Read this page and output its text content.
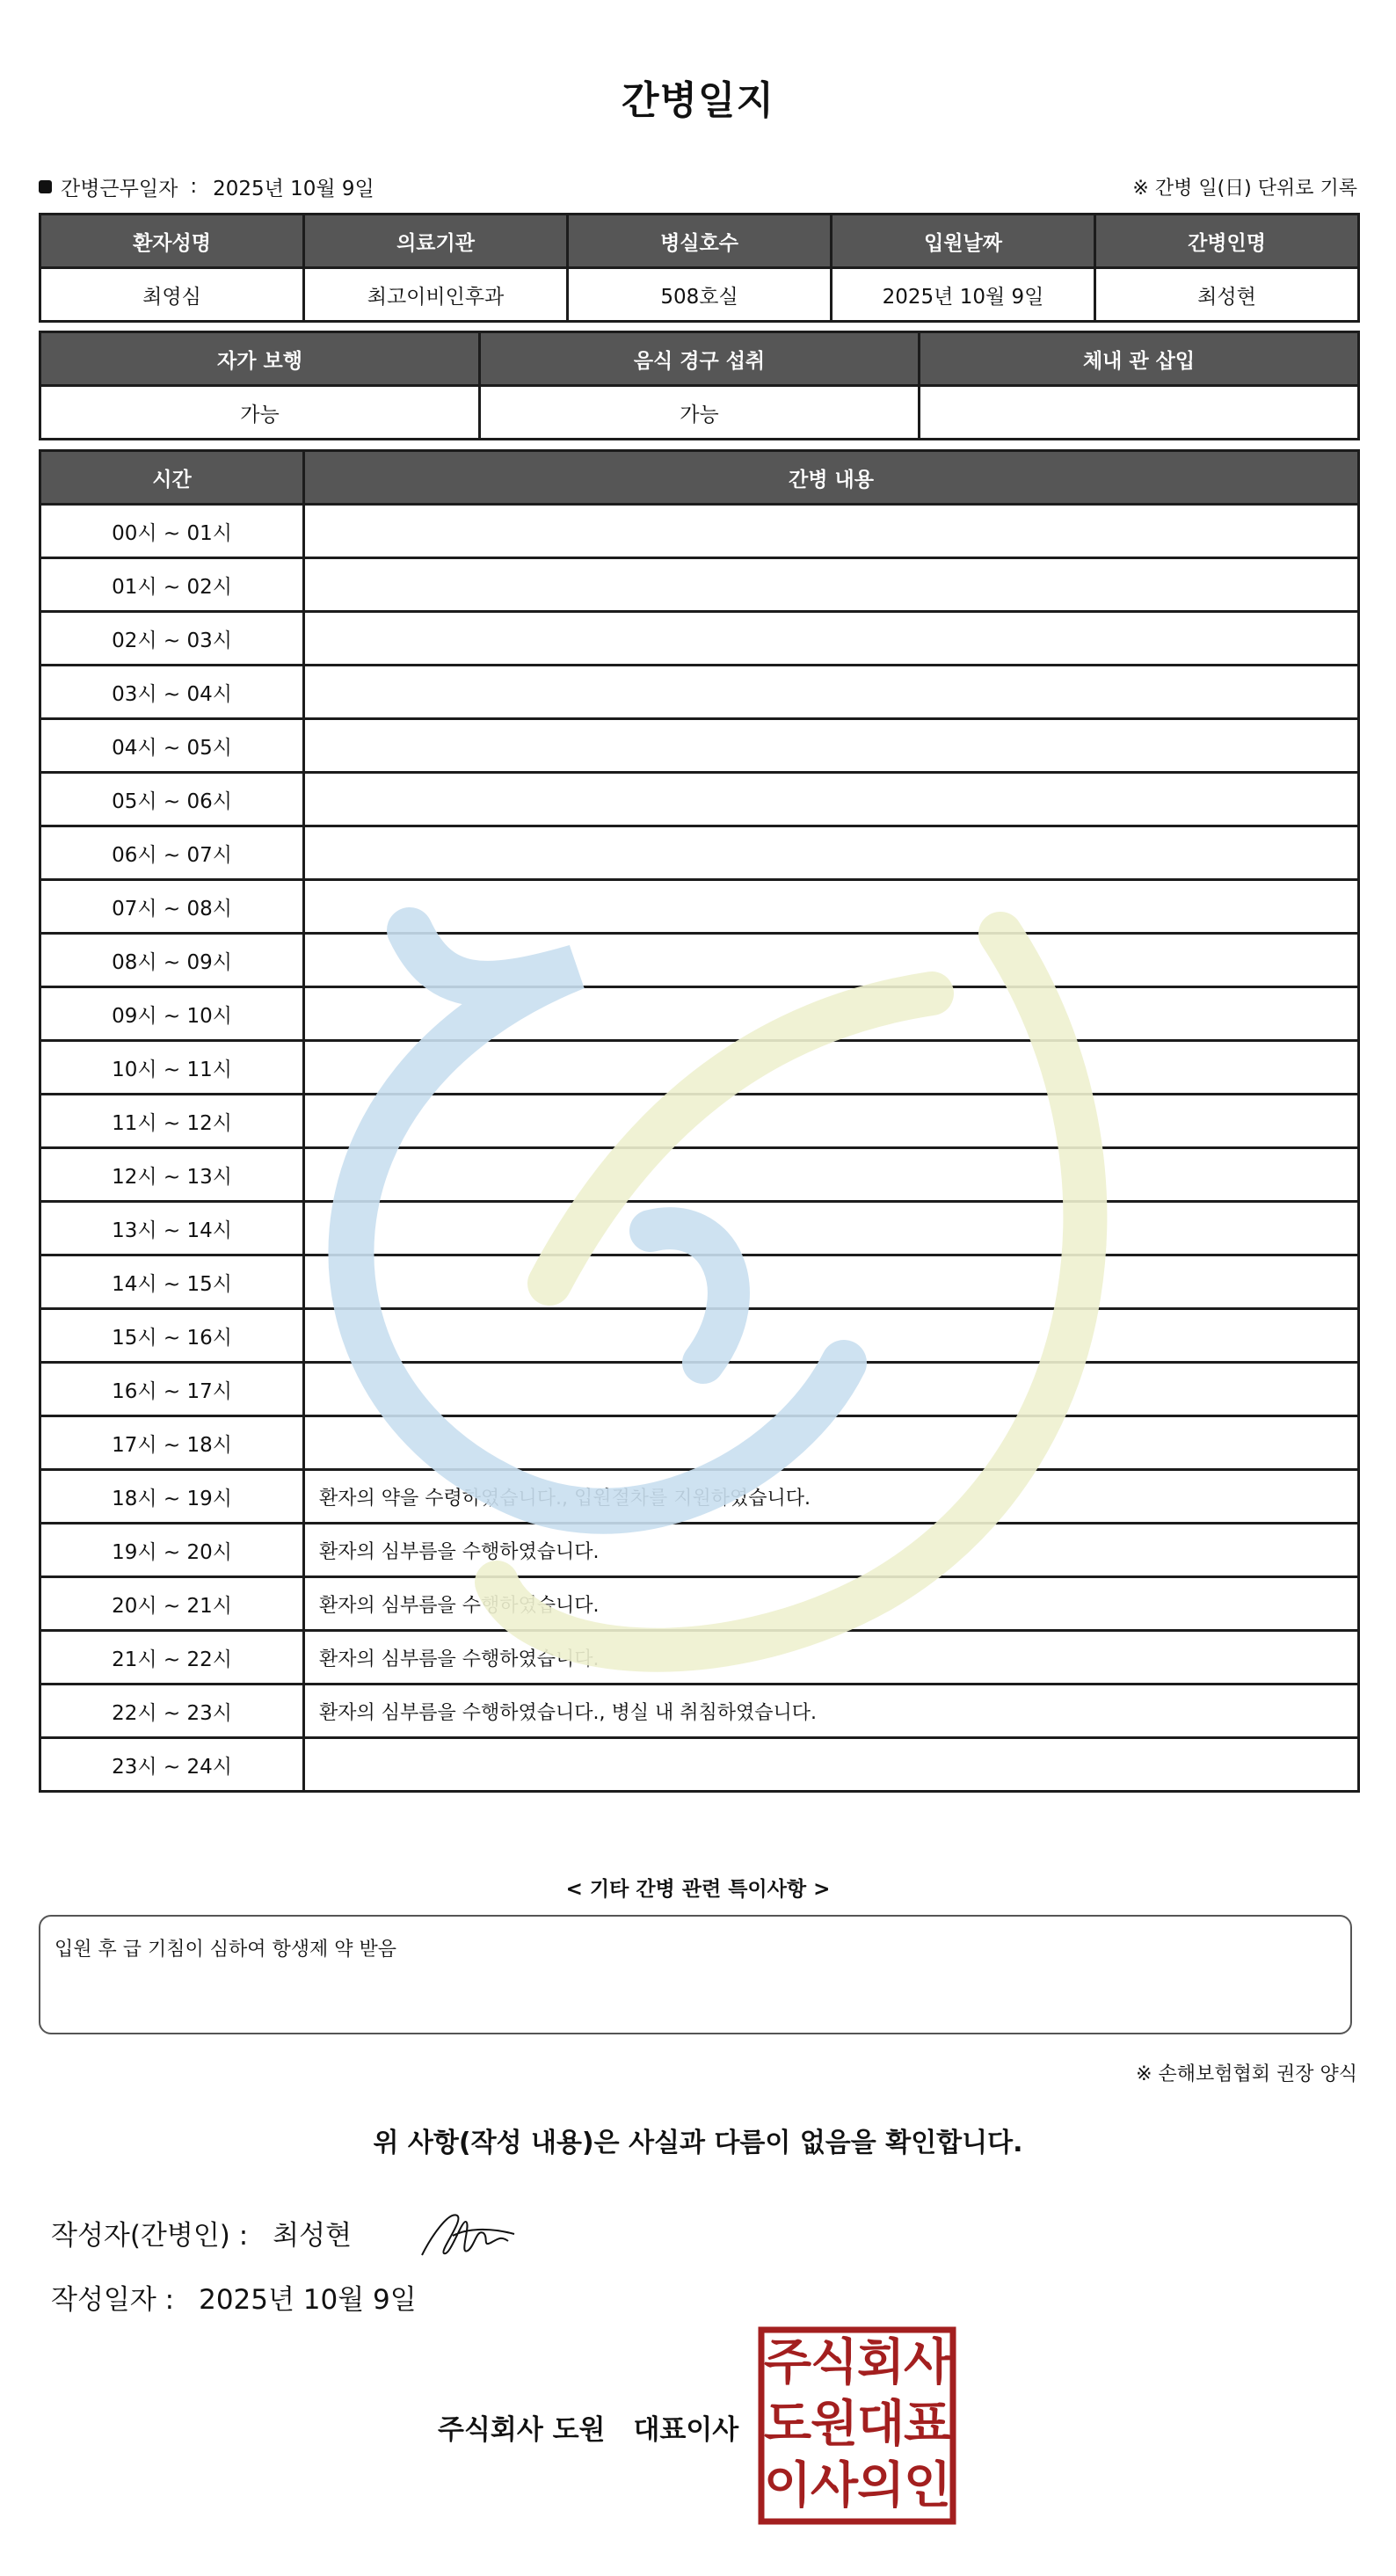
간병일지
간병근무일자 : 2025년 10월 9일	※ 간병 일(日) 단위로 기록
환자성명	의료기관	병실호수	입원날짜	간병인명
최영심	최고이비인후과	508호실	2025년 10월 9일	최성현
자가 보행	음식 경구 섭취	체내 관 삽입
가능	가능	
시간	간병 내용
00시 ~ 01시	
01시 ~ 02시	
02시 ~ 03시	
03시 ~ 04시	
04시 ~ 05시	
05시 ~ 06시	
06시 ~ 07시	
07시 ~ 08시	
08시 ~ 09시	
09시 ~ 10시	
10시 ~ 11시	
11시 ~ 12시	
12시 ~ 13시	
13시 ~ 14시	
14시 ~ 15시	
15시 ~ 16시	
16시 ~ 17시	
17시 ~ 18시	
18시 ~ 19시	환자의 약을 수령하였습니다., 입원절차를 지원하였습니다.
19시 ~ 20시	환자의 심부름을 수행하였습니다.
20시 ~ 21시	환자의 심부름을 수행하였습니다.
21시 ~ 22시	환자의 심부름을 수행하였습니다.
22시 ~ 23시	환자의 심부름을 수행하였습니다., 병실 내 취침하였습니다.
23시 ~ 24시	
< 기타 간병 관련 특이사항 >
입원 후 급 기침이 심하여 항생제 약 받음
※ 손해보험협회 권장 양식
위 사항(작성 내용)은 사실과 다름이 없음을 확인합니다.
작성자(간병인) : 최성현
작성일자 : 2025년 10월 9일
주식회사 도원 대표이사
주
식
회
사
도
원
대
표
이
사
의
인
